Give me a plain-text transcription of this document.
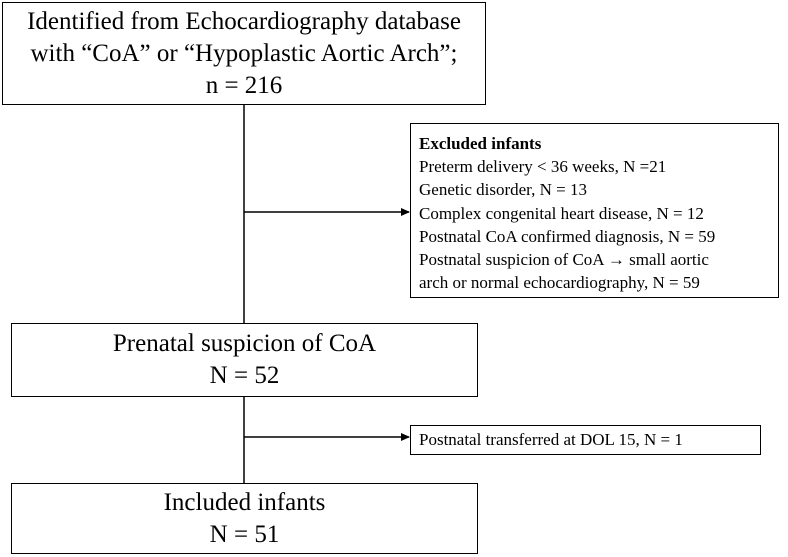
Identified from Echocardiography database
with “CoA” or “Hypoplastic Aortic Arch”;
n = 216
Excluded infants
Preterm delivery < 36 weeks, N =21
Genetic disorder, N = 13
Complex congenital heart disease, N = 12
Postnatal CoA confirmed diagnosis, N = 59
Postnatal suspicion of CoA → small aortic
arch or normal echocardiography, N = 59
Prenatal suspicion of CoA
N = 52
Postnatal transferred at DOL 15, N = 1
Included infants
N = 51
